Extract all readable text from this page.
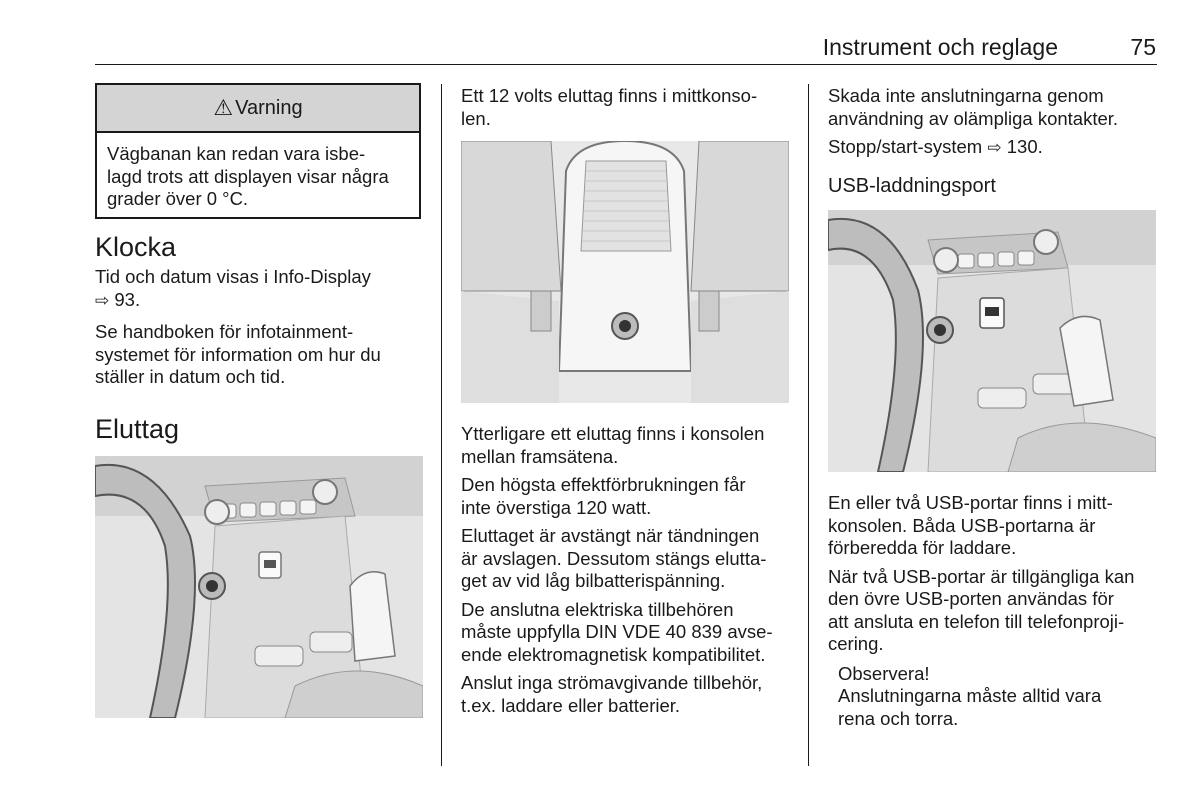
Instrument och reglage	75
⚠ Varning

Vägbanan kan redan vara isbe-

lagd trots att displayen visar några

grader över 0 °C.

Klocka

Tid och datum visas i Info-Display

⇨ 93.

Se handboken för infotainment-

systemet för information om hur du

ställer in datum och tid.

Eluttag

Ett 12 volts eluttag finns i mittkonso-

len.

Ytterligare ett eluttag finns i konsolen

mellan framsätena.

Den högsta effektförbrukningen får

inte överstiga 120 watt.

Eluttaget är avstängt när tändningen

är avslagen. Dessutom stängs elutta-

get av vid låg bilbatterispänning.

De anslutna elektriska tillbehören

måste uppfylla DIN VDE 40 839 avse-

ende elektromagnetisk kompatibilitet.

Anslut inga strömavgivande tillbehör,

t.ex. laddare eller batterier.

Skada inte anslutningarna genom

användning av olämpliga kontakter.

Stopp/start-system ⇨ 130.

USB-laddningsport

En eller två USB-portar finns i mitt-

konsolen. Båda USB-portarna är

förberedda för laddare.

När två USB-portar är tillgängliga kan

den övre USB-porten användas för

att ansluta en telefon till telefonproji-

cering.

Observera!

Anslutningarna måste alltid vara

rena och torra.
